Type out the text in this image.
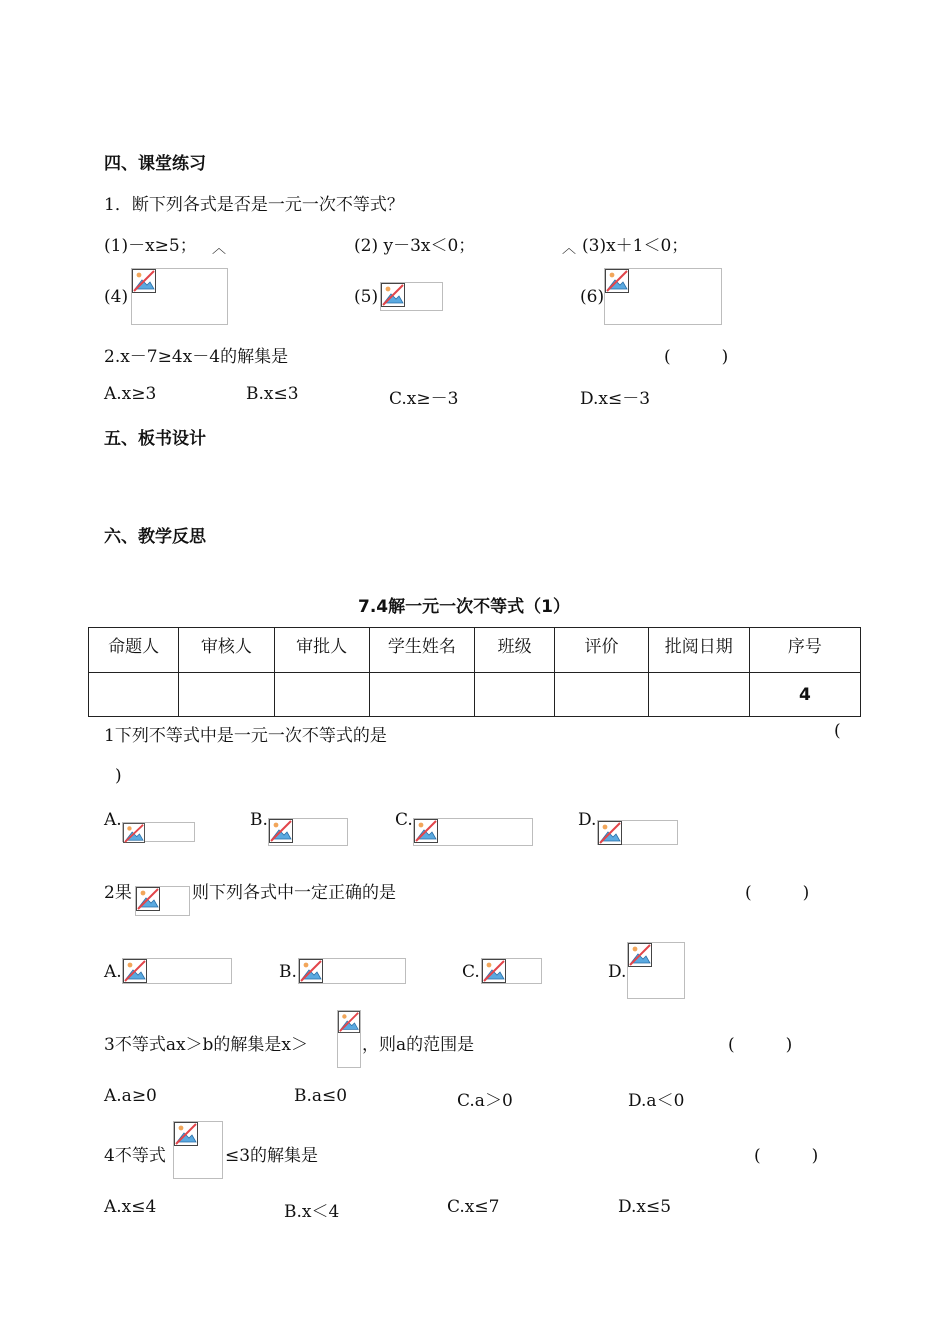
四、课堂练习
1．断下列各式是否是一元一次不等式？
(1)－x≥5； ︿	(2) y－3x＜0；	︿ (3)x＋1＜0；
(4)	(5)	(6)
2.x－7≥4x－4的解集是	(　　　)
A.x≥3	B.x≤3	C.x≥－3	D.x≤－3
五、板书设计
六、教学反思
7.4解一元一次不等式（1）
命题人	审核人	审批人	学生姓名	班级	评价	批阅日期	序号
							4
1下列不等式中是一元一次不等式的是	(
)
A.	B.	C.	D.
2果	则下列各式中一定正确的是	(　　　)
A.	B.	C.	D.
3不等式ax＞b的解集是x＞	，则a的范围是	(　　　)
A.a≥0	B.a≤0	C.a＞0	D.a＜0
4不等式	≤3的解集是	(　　　)
A.x≤4	B.x＜4	C.x≤7	D.x≤5
